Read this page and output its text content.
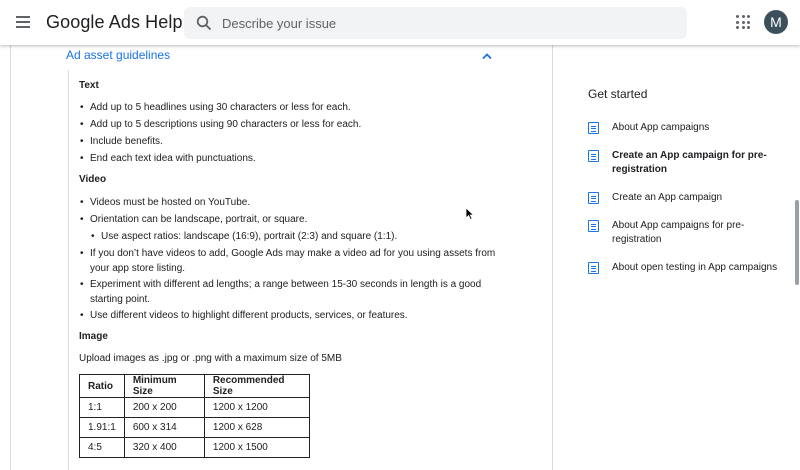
Google Ads Help
Describe your issue	M
Ad asset guidelines
Text
• Add up to 5 headlines using 30 characters or less for each.
• Add up to 5 descriptions using 90 characters or less for each.
• Include benefits.
• End each text idea with punctuations.
Video
• Videos must be hosted on YouTube.
• Orientation can be landscape, portrait, or square.
• Use aspect ratios: landscape (16:9), portrait (2:3) and square (1:1).
• If you don’t have videos to add, Google Ads may make a video ad for you using assets from your app store listing.
• Experiment with different ad lengths; a range between 15-30 seconds in length is a good starting point.
• Use different videos to highlight different products, services, or features.
Image
Upload images as .jpg or .png with a maximum size of 5MB
Ratio	Minimum Size	Recommended Size
1:1	200 x 200	1200 x 1200
1.91:1	600 x 314	1200 x 628
4:5	320 x 400	1200 x 1500
Get started
About App campaigns
Create an App campaign for pre-registration
Create an App campaign
About App campaigns for pre-registration
About open testing in App campaigns
